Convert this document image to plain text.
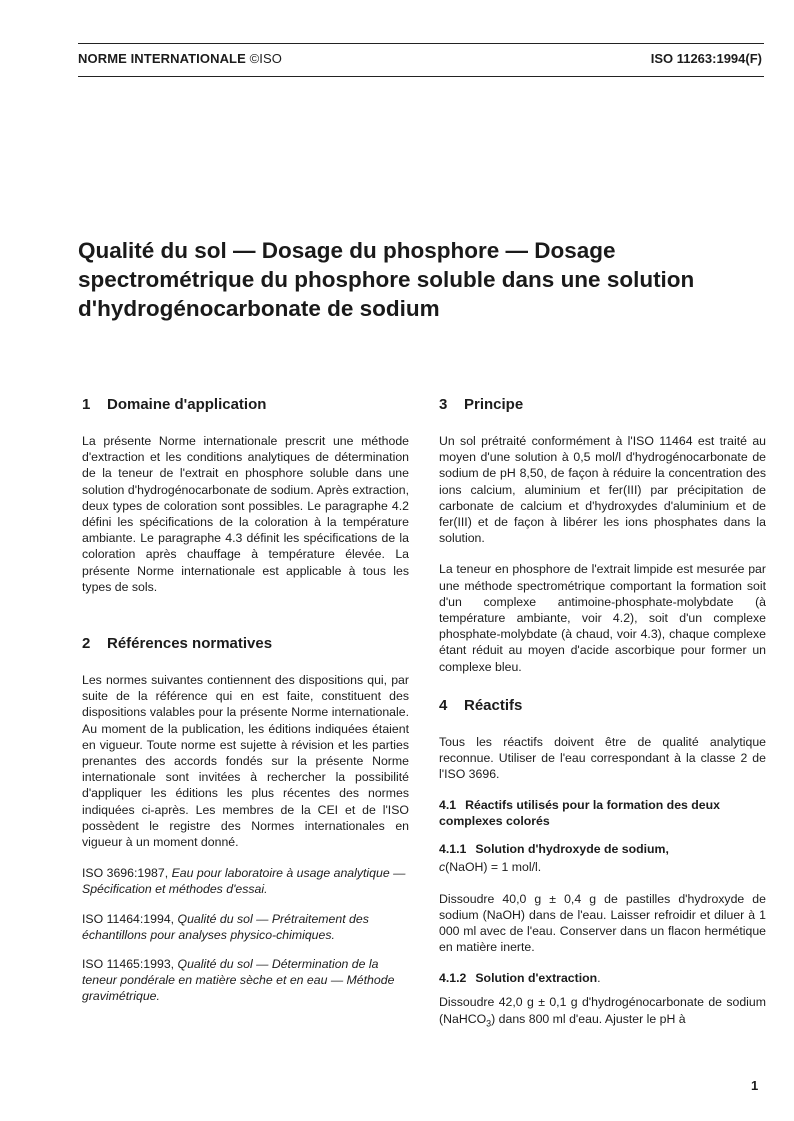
NORME INTERNATIONALE ©ISO	ISO 11263:1994(F)
Qualité du sol — Dosage du phosphore — Dosage spectrométrique du phosphore soluble dans une solution d'hydrogénocarbonate de sodium
1 Domaine d'application

La présente Norme internationale prescrit une méthode d'extraction et les conditions analytiques de détermination de la teneur de l'extrait en phosphore soluble dans une solution d'hydrogénocarbonate de sodium. Après extraction, deux types de coloration sont possibles. Le paragraphe 4.2 défini les spécifications de la coloration à la température ambiante. Le paragraphe 4.3 définit les spécifications de la coloration après chauffage à température élevée. La présente Norme internationale est applicable à tous les types de sols.

2 Références normatives

Les normes suivantes contiennent des dispositions qui, par suite de la référence qui en est faite, constituent des dispositions valables pour la présente Norme internationale. Au moment de la publication, les éditions indiquées étaient en vigueur. Toute norme est sujette à révision et les parties prenantes des accords fondés sur la présente Norme internationale sont invitées à rechercher la possibilité d'appliquer les éditions les plus récentes des normes indiquées ci-après. Les membres de la CEI et de l'ISO possèdent le registre des Normes internationales en vigueur à un moment donné.

ISO 3696:1987, Eau pour laboratoire à usage analytique — Spécification et méthodes d'essai.

ISO 11464:1994, Qualité du sol — Prétraitement des échantillons pour analyses physico-chimiques.

ISO 11465:1993, Qualité du sol — Détermination de la teneur pondérale en matière sèche et en eau — Méthode gravimétrique.

3 Principe

Un sol prétraité conformément à l'ISO 11464 est traité au moyen d'une solution à 0,5 mol/l d'hydrogénocarbonate de sodium de pH 8,50, de façon à réduire la concentration des ions calcium, aluminium et fer(III) par précipitation de carbonate de calcium et d'hydroxydes d'aluminium et de fer(III) et de façon à libérer les ions phosphates dans la solution.

La teneur en phosphore de l'extrait limpide est mesurée par une méthode spectrométrique comportant la formation soit d'un complexe antimoine-phosphate-molybdate (à température ambiante, voir 4.2), soit d'un complexe phosphate-molybdate (à chaud, voir 4.3), chaque complexe étant réduit au moyen d'acide ascorbique pour former un complexe bleu.

4 Réactifs

Tous les réactifs doivent être de qualité analytique reconnue. Utiliser de l'eau correspondant à la classe 2 de l'ISO 3696.

4.1 Réactifs utilisés pour la formation des deux complexes colorés
4.1.1 Solution d'hydroxyde de sodium,

c(NaOH) = 1 mol/l.

Dissoudre 40,0 g ± 0,4 g de pastilles d'hydroxyde de sodium (NaOH) dans de l'eau. Laisser refroidir et diluer à 1 000 ml avec de l'eau. Conserver dans un flacon hermétique en matière inerte.

4.1.2 Solution d'extraction.

Dissoudre 42,0 g ± 0,1 g d'hydrogénocarbonate de sodium (NaHCO$_3$) dans 800 ml d'eau. Ajuster le pH à

1
